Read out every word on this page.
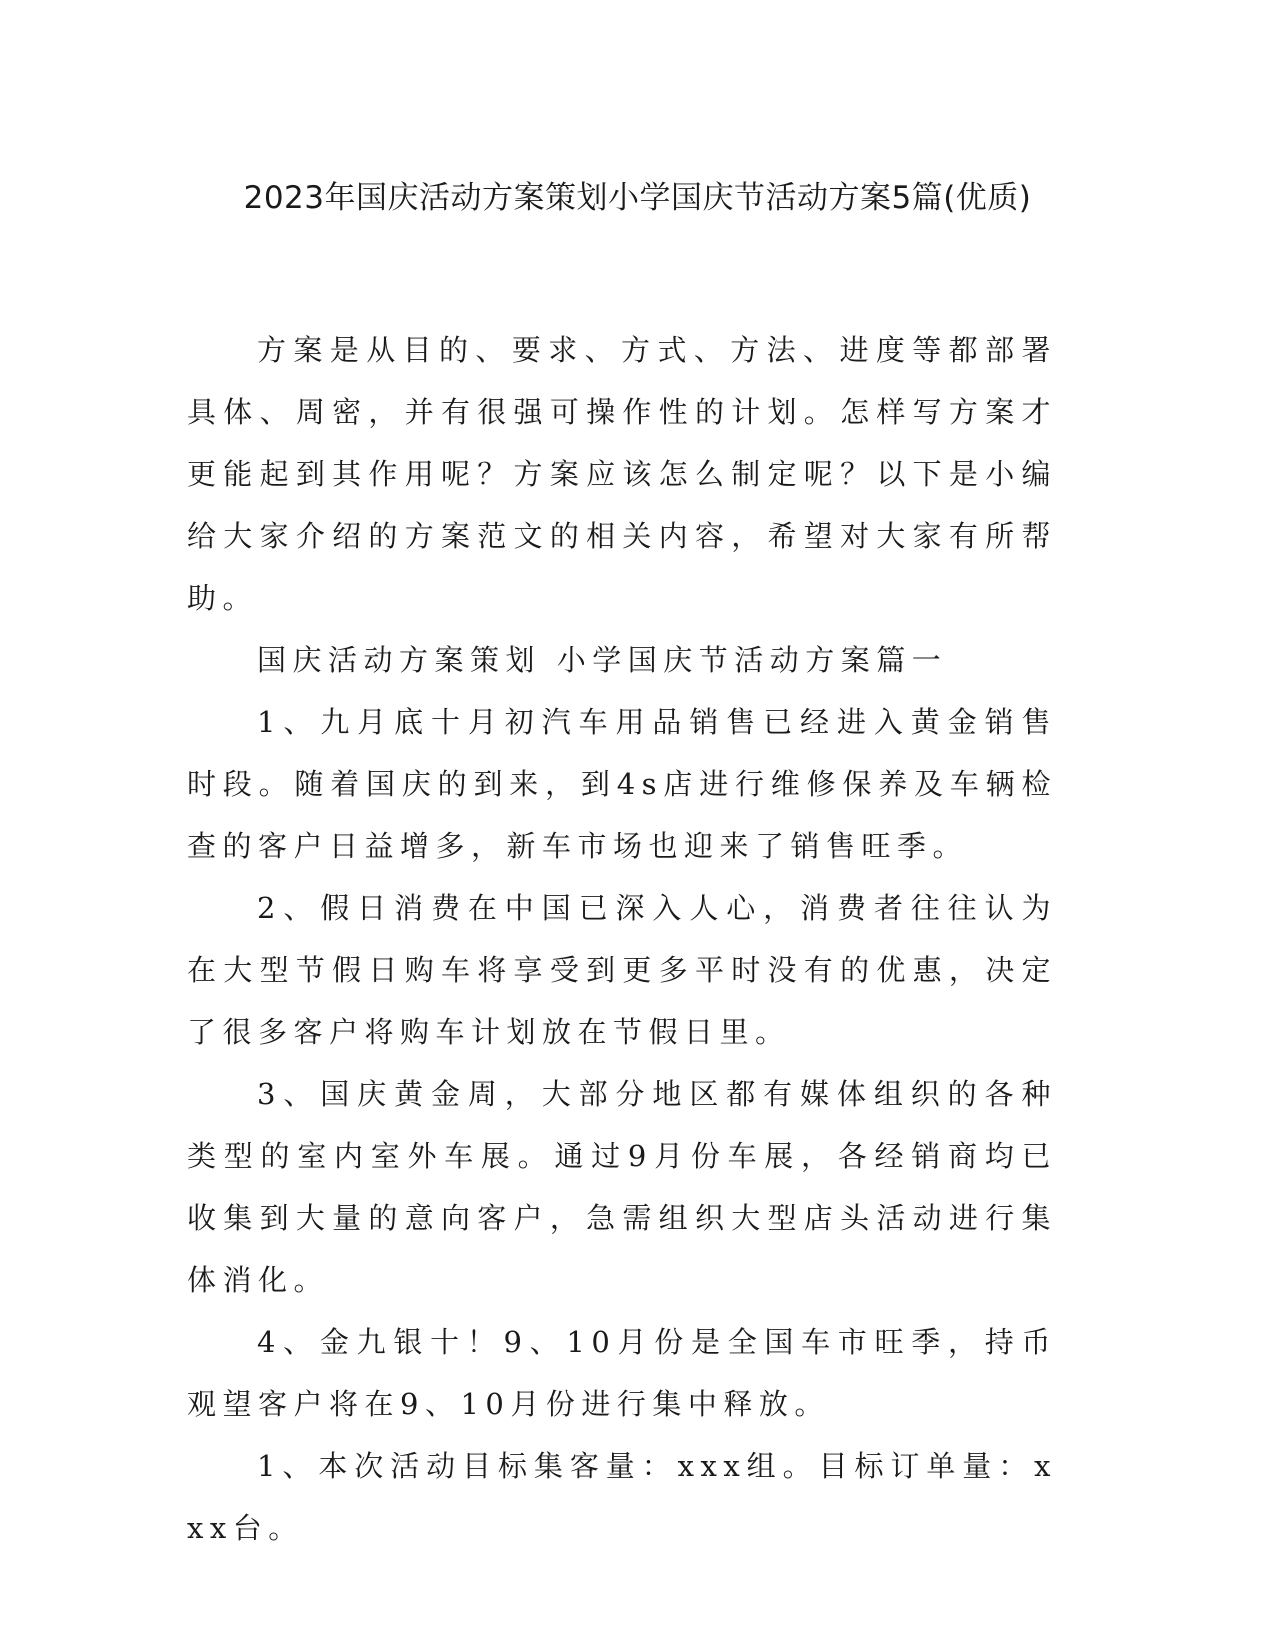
2023年国庆活动方案策划小学国庆节活动方案5篇(优质)

方案是从目的、要求、方式、方法、进度等都部署具体、周密，并有很强可操作性的计划。怎样写方案才更能起到其作用呢？方案应该怎么制定呢？以下是小编给大家介绍的方案范文的相关内容，希望对大家有所帮助。

国庆活动方案策划 小学国庆节活动方案篇一

1、九月底十月初汽车用品销售已经进入黄金销售时段。随着国庆的到来，到4s店进行维修保养及车辆检查的客户日益增多，新车市场也迎来了销售旺季。

2、假日消费在中国已深入人心，消费者往往认为在大型节假日购车将享受到更多平时没有的优惠，决定了很多客户将购车计划放在节假日里。

3、国庆黄金周，大部分地区都有媒体组织的各种类型的室内室外车展。通过9月份车展，各经销商均已收集到大量的意向客户，急需组织大型店头活动进行集体消化。

4、金九银十！9、10月份是全国车市旺季，持币观望客户将在9、10月份进行集中释放。

1、本次活动目标集客量：xxx组。目标订单量：xxx台。
